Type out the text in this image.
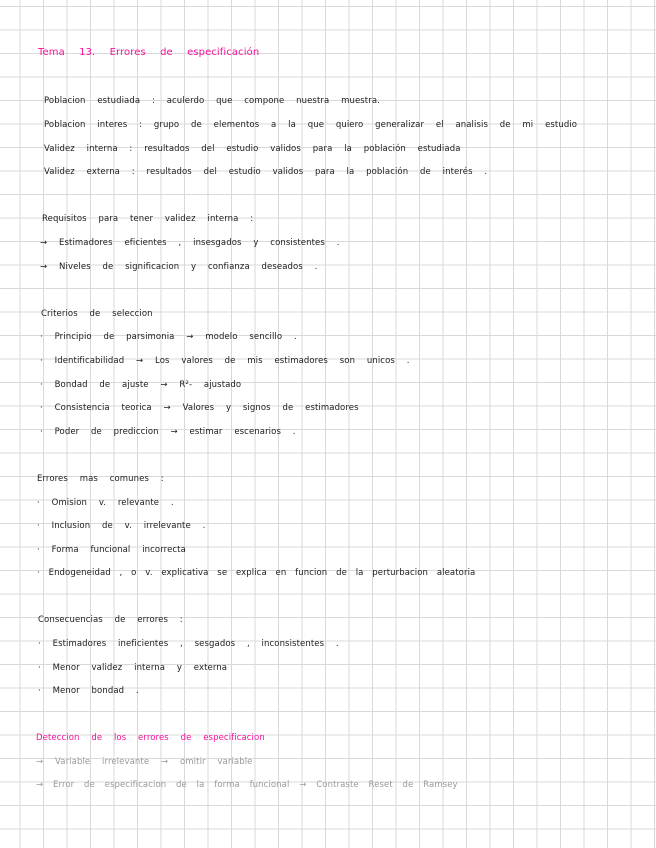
Tema 13. Errores de especificación
Poblacion estudiada : aculerdo que compone nuestra muestra.
Poblacion interes : grupo de elementos a la que quiero generalizar el analisis de mi estudio
Validez interna : resultados del estudio validos para la población estudiada
Validez externa : resultados del estudio validos para la población de interés .
Requisitos para tener validez interna :
→ Estimadores eficientes , insesgados y consistentes .
→ Niveles de significacion y confianza deseados .
Criterios de seleccion
· Principio de parsimonia → modelo sencillo .
· Identificabilidad → Los valores de mis estimadores son unicos .
· Bondad de ajuste → R²- ajustado
· Consistencia teorica → Valores y signos de estimadores
· Poder de prediccion → estimar escenarios .
Errores mas comunes :
· Omision v. relevante .
· Inclusion de v. irrelevante .
· Forma funcional incorrecta
· Endogeneidad , o v. explicativa se explica en funcion de la perturbacion aleatoria
Consecuencias de errores :
· Estimadores ineficientes , sesgados , inconsistentes .
· Menor validez interna y externa
· Menor bondad .
Deteccion de los errores de especificacion
→ Variable irrelevante → omitir variable
→ Error de especificacion de la forma funcional → Contraste Reset de Ramsey
